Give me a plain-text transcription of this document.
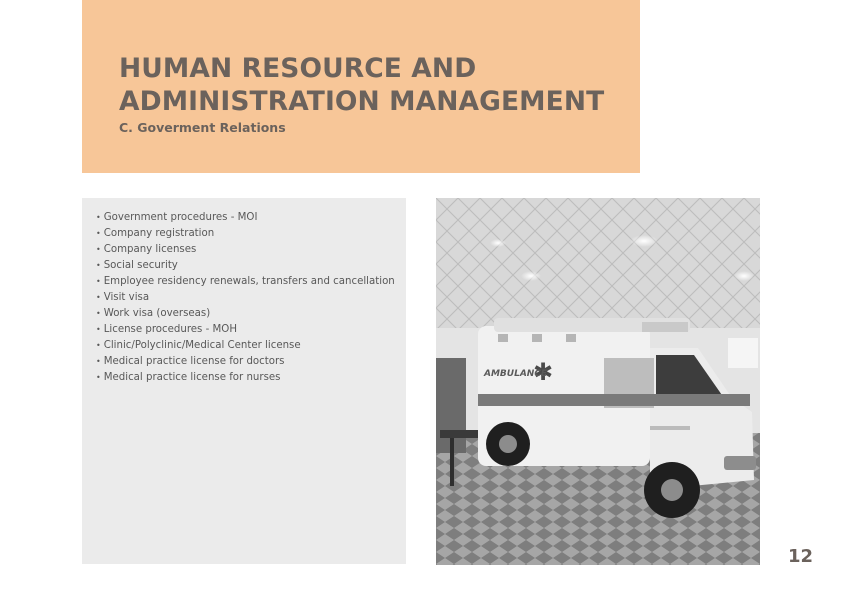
HUMAN RESOURCE AND
ADMINISTRATION MANAGEMENT
C. Goverment Relations
• Government procedures - MOI
• Company registration
• Company licenses
• Social security
• Employee residency renewals, transfers and cancellation
• Visit visa
• Work visa (overseas)
• License procedures - MOH
• Clinic/Polyclinic/Medical Center license
• Medical practice license for doctors
• Medical practice license for nurses	✱
AMBULANCE
12
